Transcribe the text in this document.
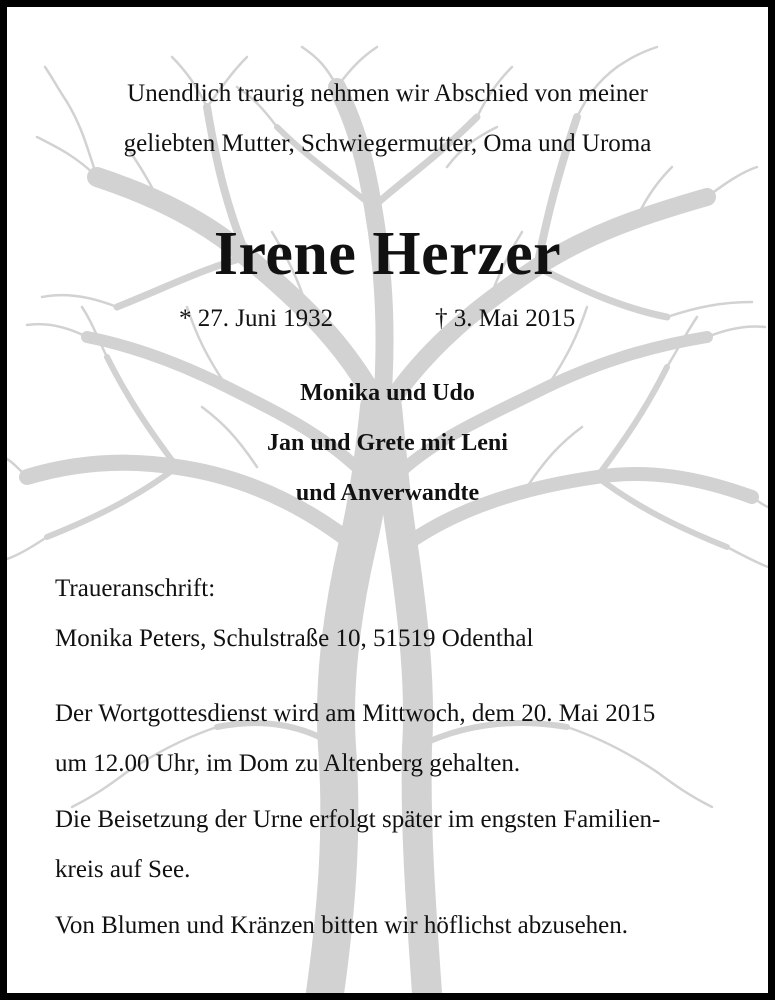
Unendlich traurig nehmen wir Abschied von meiner
geliebten Mutter, Schwiegermutter, Oma und Uroma
Irene Herzer
* 27. Juni 1932	† 3. Mai 2015
Monika und Udo
Jan und Grete mit Leni
und Anverwandte
Traueranschrift:
Monika Peters, Schulstraße 10, 51519 Odenthal
Der Wortgottesdienst wird am Mittwoch, dem 20. Mai 2015
um 12.00 Uhr, im Dom zu Altenberg gehalten.
Die Beisetzung der Urne erfolgt später im engsten Familien-
kreis auf See.
Von Blumen und Kränzen bitten wir höflichst abzusehen.
